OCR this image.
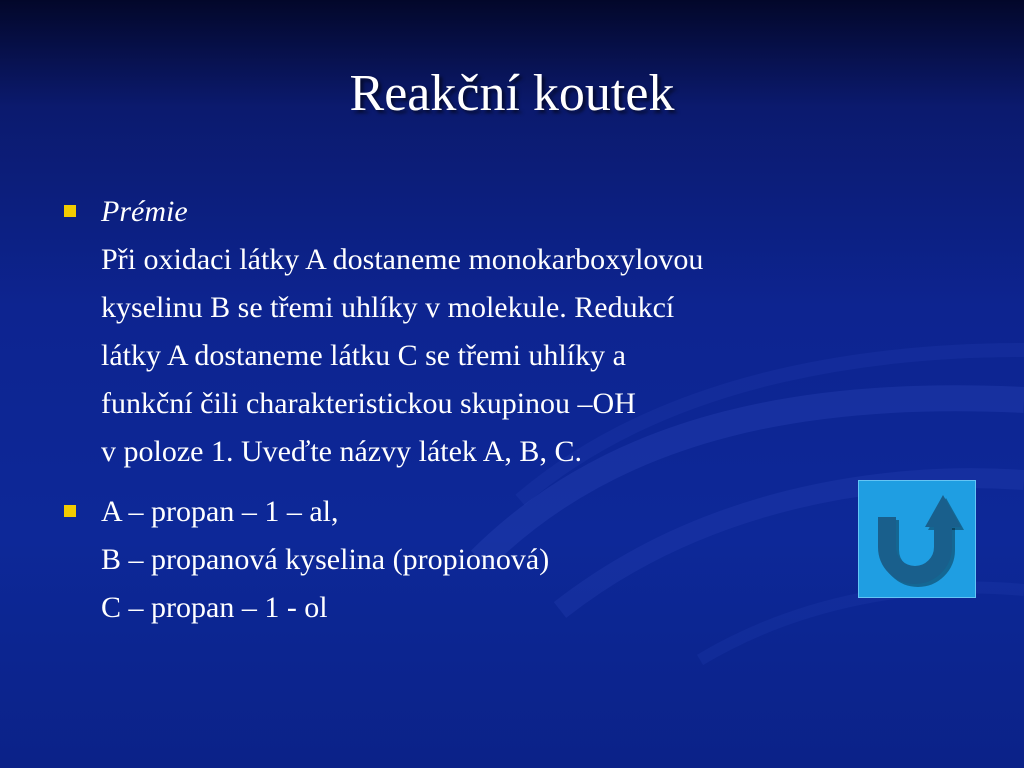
Reakční koutek
Prémie
Při oxidaci látky A dostaneme monokarboxylovou
kyselinu B se třemi uhlíky v molekule. Redukcí
látky A dostaneme látku C se třemi uhlíky a
funkční čili charakteristickou skupinou –OH
v poloze 1. Uveďte názvy látek A, B, C.
A – propan – 1 – al,
B – propanová kyselina (propionová)
C – propan – 1 - ol
